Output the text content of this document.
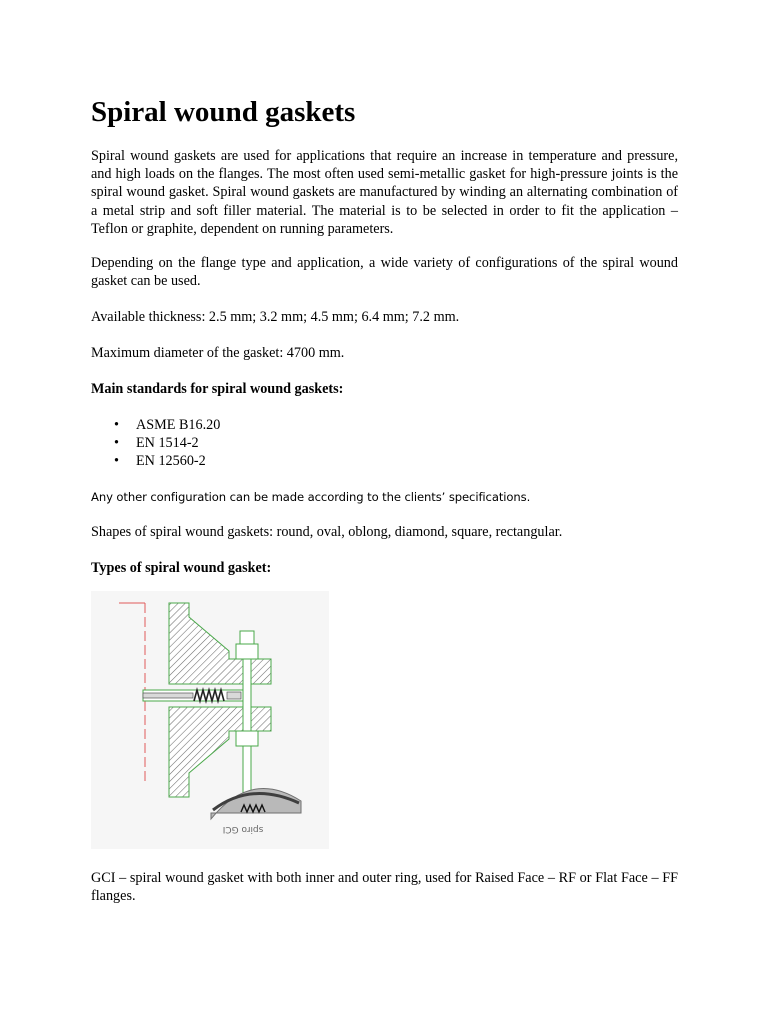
Spiral wound gaskets

Spiral wound gaskets are used for applications that require an increase in temperature and pressure, and high loads on the flanges. The most often used semi-metallic gasket for high-pressure joints is the spiral wound gasket. Spiral wound gaskets are manufactured by winding an alternating combination of a metal strip and soft filler material. The material is to be selected in order to fit the application – Teflon or graphite, dependent on running parameters.

Depending on the flange type and application, a wide variety of configurations of the spiral wound gasket can be used.

Available thickness: 2.5 mm; 3.2 mm; 4.5 mm; 6.4 mm; 7.2 mm.

Maximum diameter of the gasket: 4700 mm.

Main standards for spiral wound gaskets:

• ASME B16.20
• EN 1514-2
• EN 12560-2

Any other configuration can be made according to the clients’ specifications.

Shapes of spiral wound gaskets: round, oval, oblong, diamond, square, rectangular.

Types of spiral wound gasket:

spiro GCI

GCI – spiral wound gasket with both inner and outer ring, used for Raised Face – RF or Flat Face – FF flanges.
